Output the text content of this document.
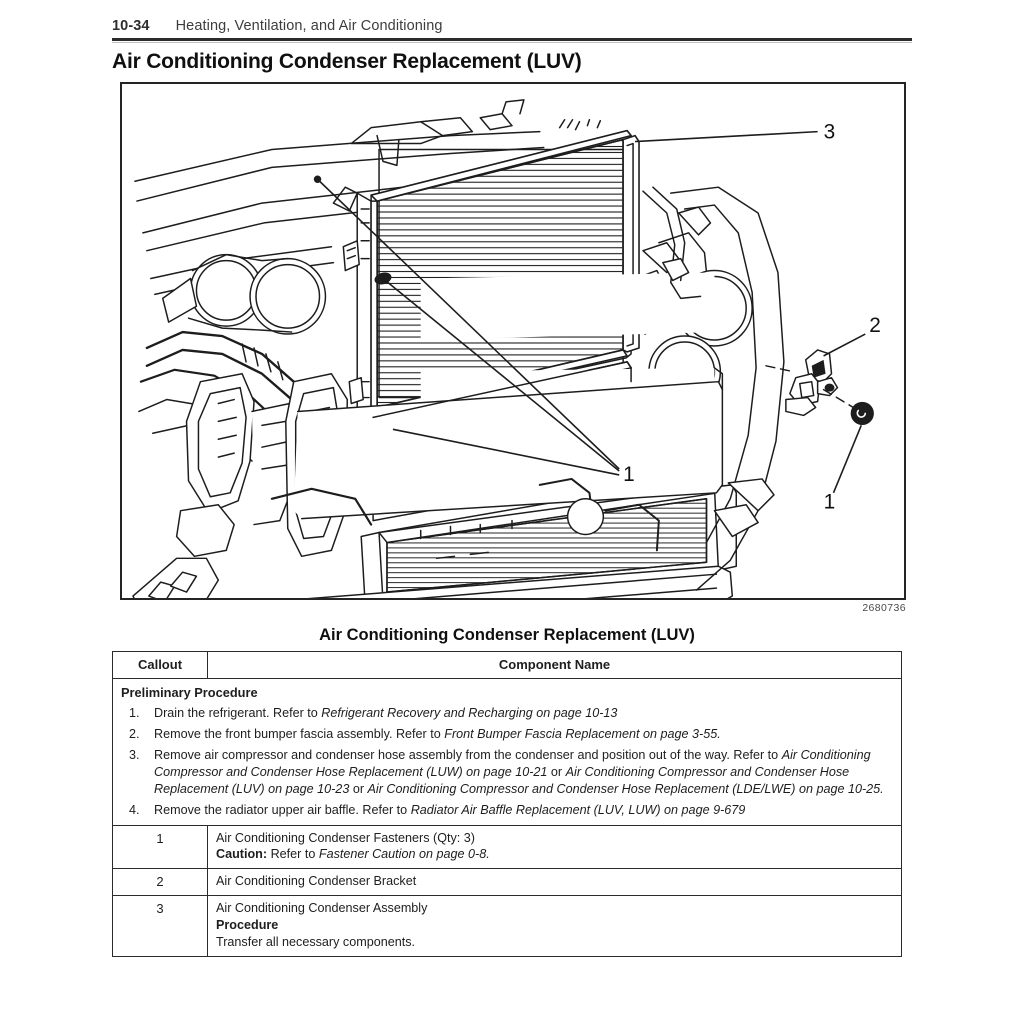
10-34 Heating, Ventilation, and Air Conditioning
Air Conditioning Condenser Replacement (LUV)
3
1
2
1
2680736
Air Conditioning Condenser Replacement (LUV)
Callout	Component Name

Preliminary Procedure
1.	Drain the refrigerant. Refer to Refrigerant Recovery and Recharging on page 10-13
2.	Remove the front bumper fascia assembly. Refer to Front Bumper Fascia Replacement on page 3-55.
3.	Remove air compressor and condenser hose assembly from the condenser and position out of the way. Refer to Air Conditioning Compressor and Condenser Hose Replacement (LUW) on page 10-21 or Air Conditioning Compressor and Condenser Hose Replacement (LUV) on page 10-23 or Air Conditioning Compressor and Condenser Hose Replacement (LDE/LWE) on page 10-25.
4.	Remove the radiator upper air baffle. Refer to Radiator Air Baffle Replacement (LUV, LUW) on page 9-679

1	Air Conditioning Condenser Fasteners (Qty: 3)
Caution: Refer to Fastener Caution on page 0-8.

2	Air Conditioning Condenser Bracket

3	Air Conditioning Condenser Assembly
Procedure
Transfer all necessary components.
